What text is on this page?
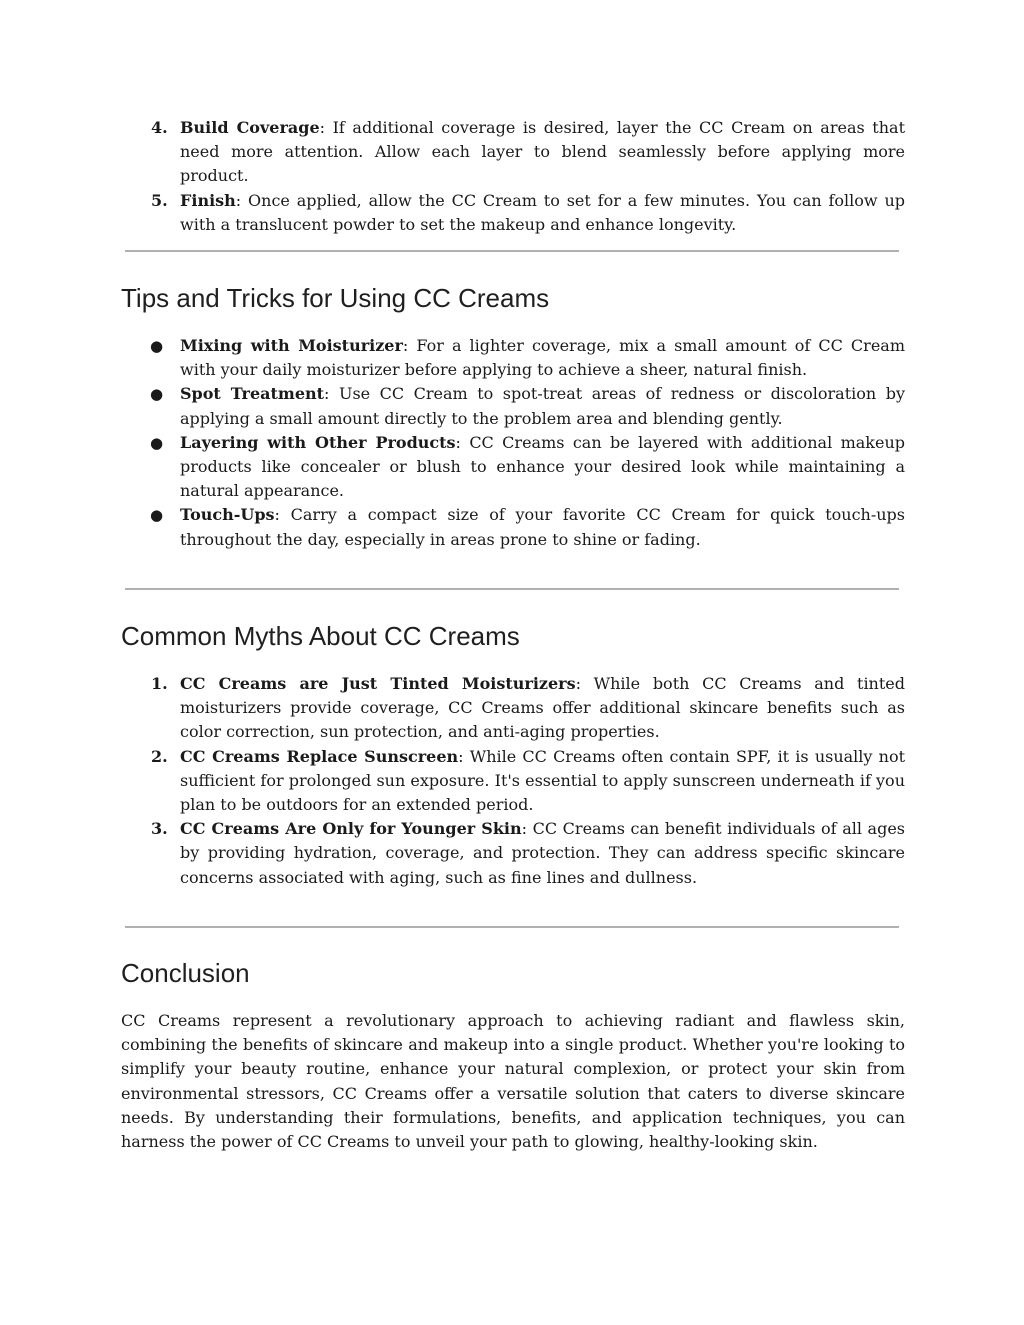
4. Build Coverage: If additional coverage is desired, layer the CC Cream on areas that need more attention. Allow each layer to blend seamlessly before applying more product.
5. Finish: Once applied, allow the CC Cream to set for a few minutes. You can follow up with a translucent powder to set the makeup and enhance longevity.
Tips and Tricks for Using CC Creams
● Mixing with Moisturizer: For a lighter coverage, mix a small amount of CC Cream with your daily moisturizer before applying to achieve a sheer, natural finish.
● Spot Treatment: Use CC Cream to spot-treat areas of redness or discoloration by applying a small amount directly to the problem area and blending gently.
● Layering with Other Products: CC Creams can be layered with additional makeup products like concealer or blush to enhance your desired look while maintaining a natural appearance.
● Touch-Ups: Carry a compact size of your favorite CC Cream for quick touch-ups throughout the day, especially in areas prone to shine or fading.
Common Myths About CC Creams
1. CC Creams are Just Tinted Moisturizers: While both CC Creams and tinted moisturizers provide coverage, CC Creams offer additional skincare benefits such as color correction, sun protection, and anti-aging properties.
2. CC Creams Replace Sunscreen: While CC Creams often contain SPF, it is usually not sufficient for prolonged sun exposure. It's essential to apply sunscreen underneath if you plan to be outdoors for an extended period.
3. CC Creams Are Only for Younger Skin: CC Creams can benefit individuals of all ages by providing hydration, coverage, and protection. They can address specific skincare concerns associated with aging, such as fine lines and dullness.
Conclusion

CC Creams represent a revolutionary approach to achieving radiant and flawless skin, combining the benefits of skincare and makeup into a single product. Whether you're looking to simplify your beauty routine, enhance your natural complexion, or protect your skin from environmental stressors, CC Creams offer a versatile solution that caters to diverse skincare needs. By understanding their formulations, benefits, and application techniques, you can harness the power of CC Creams to unveil your path to glowing, healthy-looking skin.
